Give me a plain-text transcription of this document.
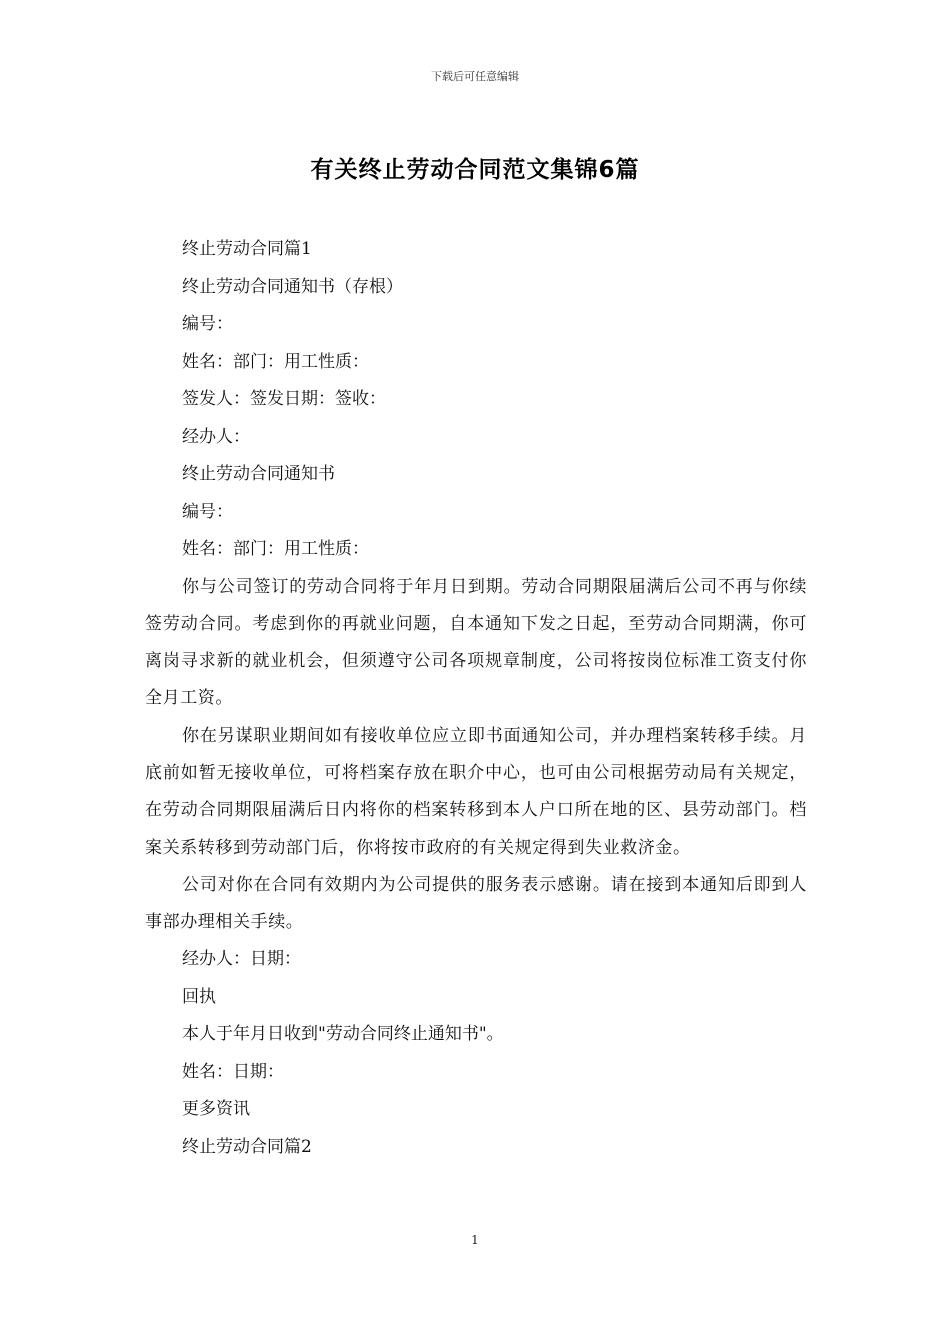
下载后可任意编辑
有关终止劳动合同范文集锦6篇
终止劳动合同篇1
终止劳动合同通知书（存根）
编号：
姓名：部门：用工性质：
签发人：签发日期：签收：
经办人：
终止劳动合同通知书
编号：
姓名：部门：用工性质：
你与公司签订的劳动合同将于年月日到期。劳动合同期限届满后公司不再与你续签劳动合同。考虑到你的再就业问题，自本通知下发之日起，至劳动合同期满，你可离岗寻求新的就业机会，但须遵守公司各项规章制度，公司将按岗位标准工资支付你全月工资。
你在另谋职业期间如有接收单位应立即书面通知公司，并办理档案转移手续。月底前如暂无接收单位，可将档案存放在职介中心，也可由公司根据劳动局有关规定，在劳动合同期限届满后日内将你的档案转移到本人户口所在地的区、县劳动部门。档案关系转移到劳动部门后，你将按市政府的有关规定得到失业救济金。
公司对你在合同有效期内为公司提供的服务表示感谢。请在接到本通知后即到人事部办理相关手续。
经办人：日期：
回执
本人于年月日收到"劳动合同终止通知书"。
姓名：日期：
更多资讯
终止劳动合同篇2
1
